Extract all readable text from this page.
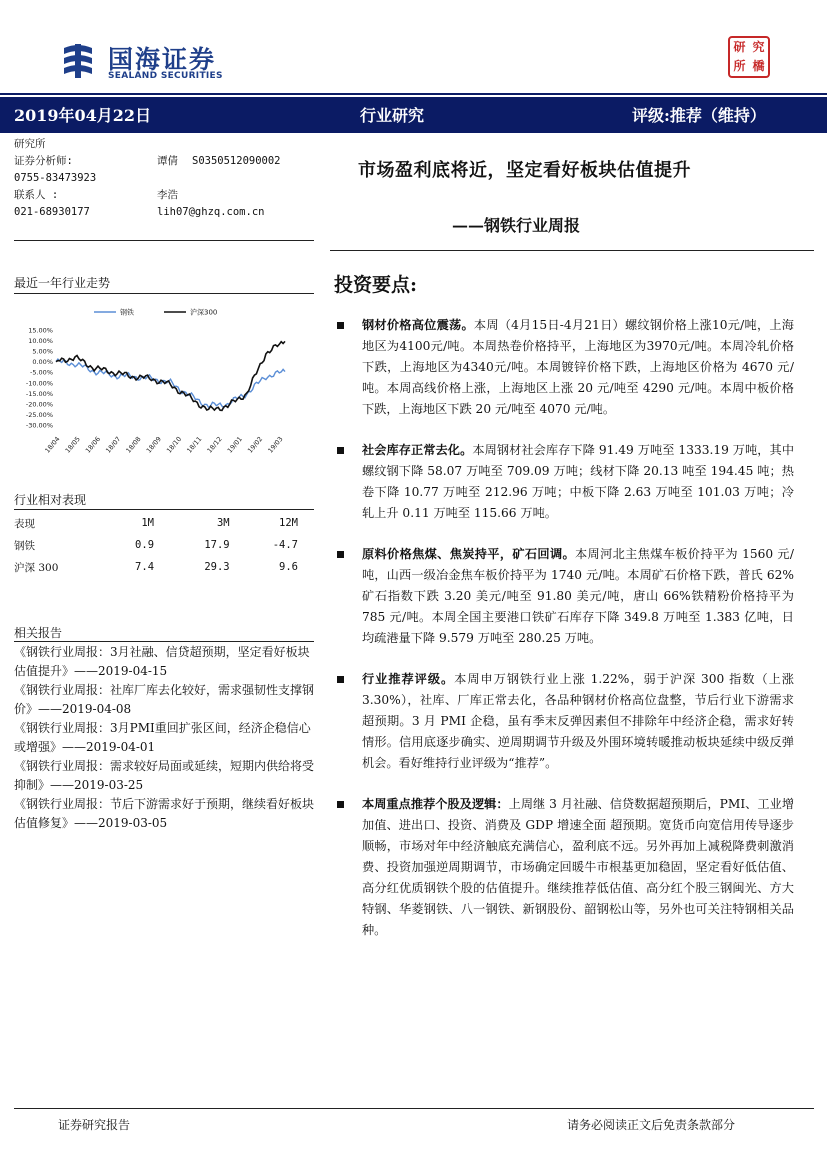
国海证券
SEALAND SECURITIES
研 究
所 橋
2019年04月22日	行业研究	评级:推荐（维持）
研究所
证券分析师:	谭倩 S0350512090002
0755-83473923
联系人 :	李浩
021-68930177	lih07@ghzq.com.cn
市场盈利底将近，坚定看好板块估值提升
——钢铁行业周报
最近一年行业走势
15.00%
10.00%
5.00%
0.00%
-5.00%
-10.00%
-15.00%
-20.00%
-25.00%
-30.00%
18/04 18/05 18/06 18/07 18/08 18/09 18/10 18/11 18/12 19/01 19/02 19/03
钢铁	沪深300
行业相对表现
表现	1M	3M	12M
钢铁	0.9	17.9	-4.7
沪深 300	7.4	29.3	9.6
相关报告
《钢铁行业周报：3月社融、信贷超预期，坚定看好板块估值提升》——2019-04-15
《钢铁行业周报：社库厂库去化较好，需求强韧性支撑钢价》——2019-04-08
《钢铁行业周报：3月PMI重回扩张区间，经济企稳信心或增强》——2019-04-01
《钢铁行业周报：需求较好局面或延续，短期内供给将受抑制》——2019-03-25
《钢铁行业周报：节后下游需求好于预期，继续看好板块估值修复》——2019-03-05
投资要点:
钢材价格高位震荡。本周（4月15日-4月21日）螺纹钢价格上涨10元/吨，上海地区为4100元/吨。本周热卷价格持平，上海地区为3970元/吨。本周冷轧价格下跌，上海地区为4340元/吨。本周镀锌价格下跌，上海地区价格为 4670 元/吨。本周高线价格上涨，上海地区上涨 20 元/吨至 4290 元/吨。本周中板价格下跌，上海地区下跌 20 元/吨至 4070 元/吨。
社会库存正常去化。本周钢材社会库存下降 91.49 万吨至 1333.19 万吨，其中螺纹钢下降 58.07 万吨至 709.09 万吨；线材下降 20.13 吨至 194.45 吨；热卷下降 10.77 万吨至 212.96 万吨；中板下降 2.63 万吨至 101.03 万吨；冷轧上升 0.11 万吨至 115.66 万吨。
原料价格焦煤、焦炭持平，矿石回调。本周河北主焦煤车板价持平为 1560 元/吨，山西一级冶金焦车板价持平为 1740 元/吨。本周矿石价格下跌，普氏 62%矿石指数下跌 3.20 美元/吨至 91.80 美元/吨，唐山 66%铁精粉价格持平为 785 元/吨。本周全国主要港口铁矿石库存下降 349.8 万吨至 1.383 亿吨，日均疏港量下降 9.579 万吨至 280.25 万吨。
行业推荐评级。本周申万钢铁行业上涨 1.22%，弱于沪深 300 指数（上涨 3.30%），社库、厂库正常去化，各品种钢材价格高位盘整，节后行业下游需求超预期。3 月 PMI 企稳，虽有季末反弹因素但不排除年中经济企稳，需求好转情形。信用底逐步确实、逆周期调节升级及外围环境转暖推动板块延续中级反弹机会。看好维持行业评级为“推荐”。
本周重点推荐个股及逻辑：上周继 3 月社融、信贷数据超预期后，PMI、工业增加值、进出口、投资、消费及 GDP 增速全面 超预期。宽货币向宽信用传导逐步顺畅，市场对年中经济触底充满信心，盈利底不远。另外再加上减税降费刺激消费、投资加强逆周期调节，市场确定回暖牛市根基更加稳固，坚定看好低估值、高分红优质钢铁个股的估值提升。继续推荐低估值、高分红个股三钢闽光、方大特钢、华菱钢铁、八一钢铁、新钢股份、韶钢松山等，另外也可关注特钢相关品种。
证券研究报告	请务必阅读正文后免责条款部分
